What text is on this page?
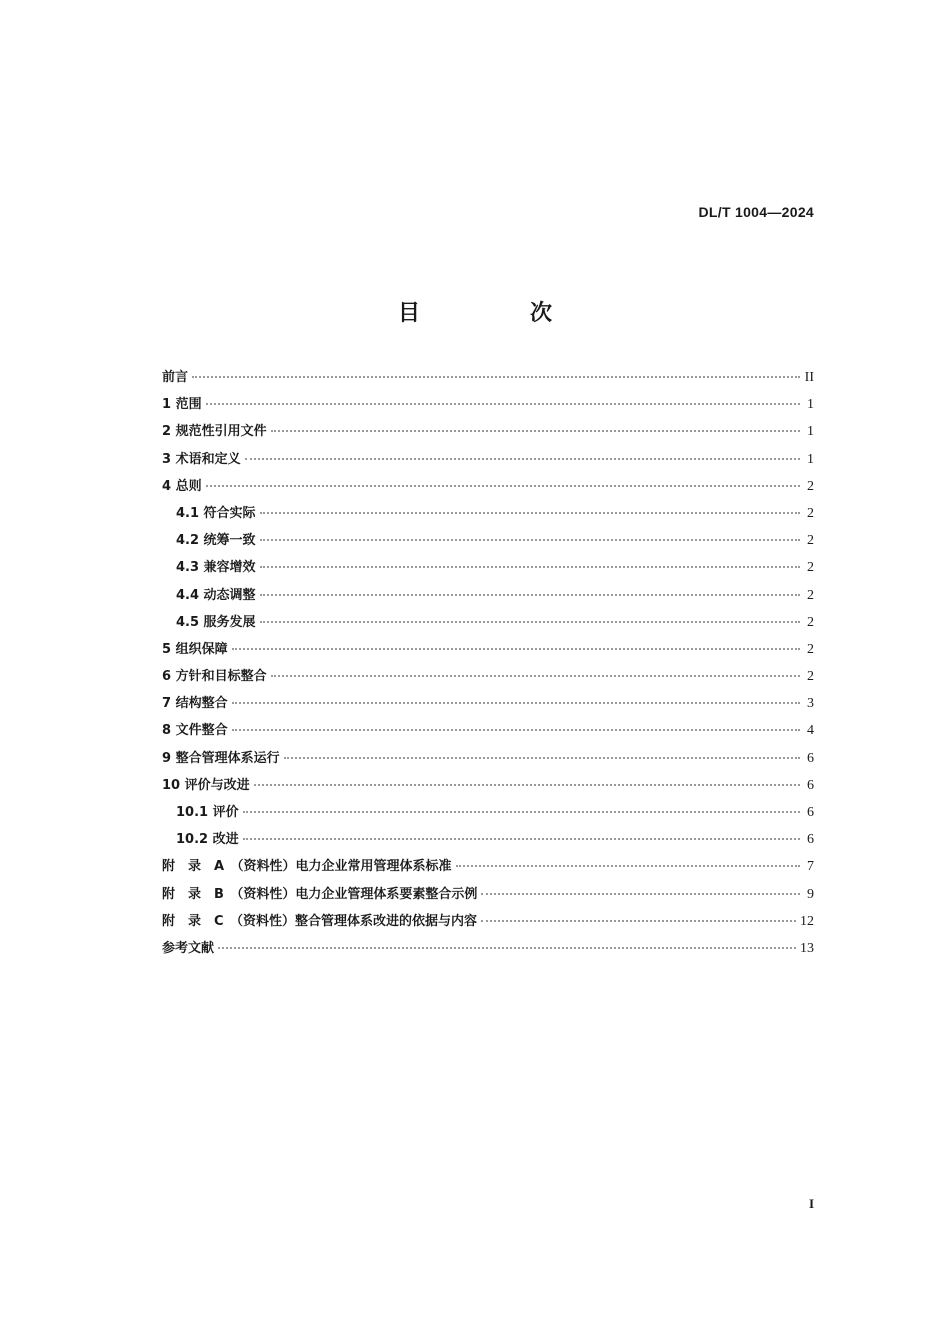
DL/T 1004—2024
目　次
前言	II
1 范围	1
2 规范性引用文件	1
3 术语和定义	1
4 总则	2
4.1 符合实际	2
4.2 统筹一致	2
4.3 兼容增效	2
4.4 动态调整	2
4.5 服务发展	2
5 组织保障	2
6 方针和目标整合	2
7 结构整合	3
8 文件整合	4
9 整合管理体系运行	6
10 评价与改进	6
10.1 评价	6
10.2 改进	6
附　录　A　（资料性）电力企业常用管理体系标准	7
附　录　B　（资料性）电力企业管理体系要素整合示例	9
附　录　C　（资料性）整合管理体系改进的依据与内容	12
参考文献	13
I
